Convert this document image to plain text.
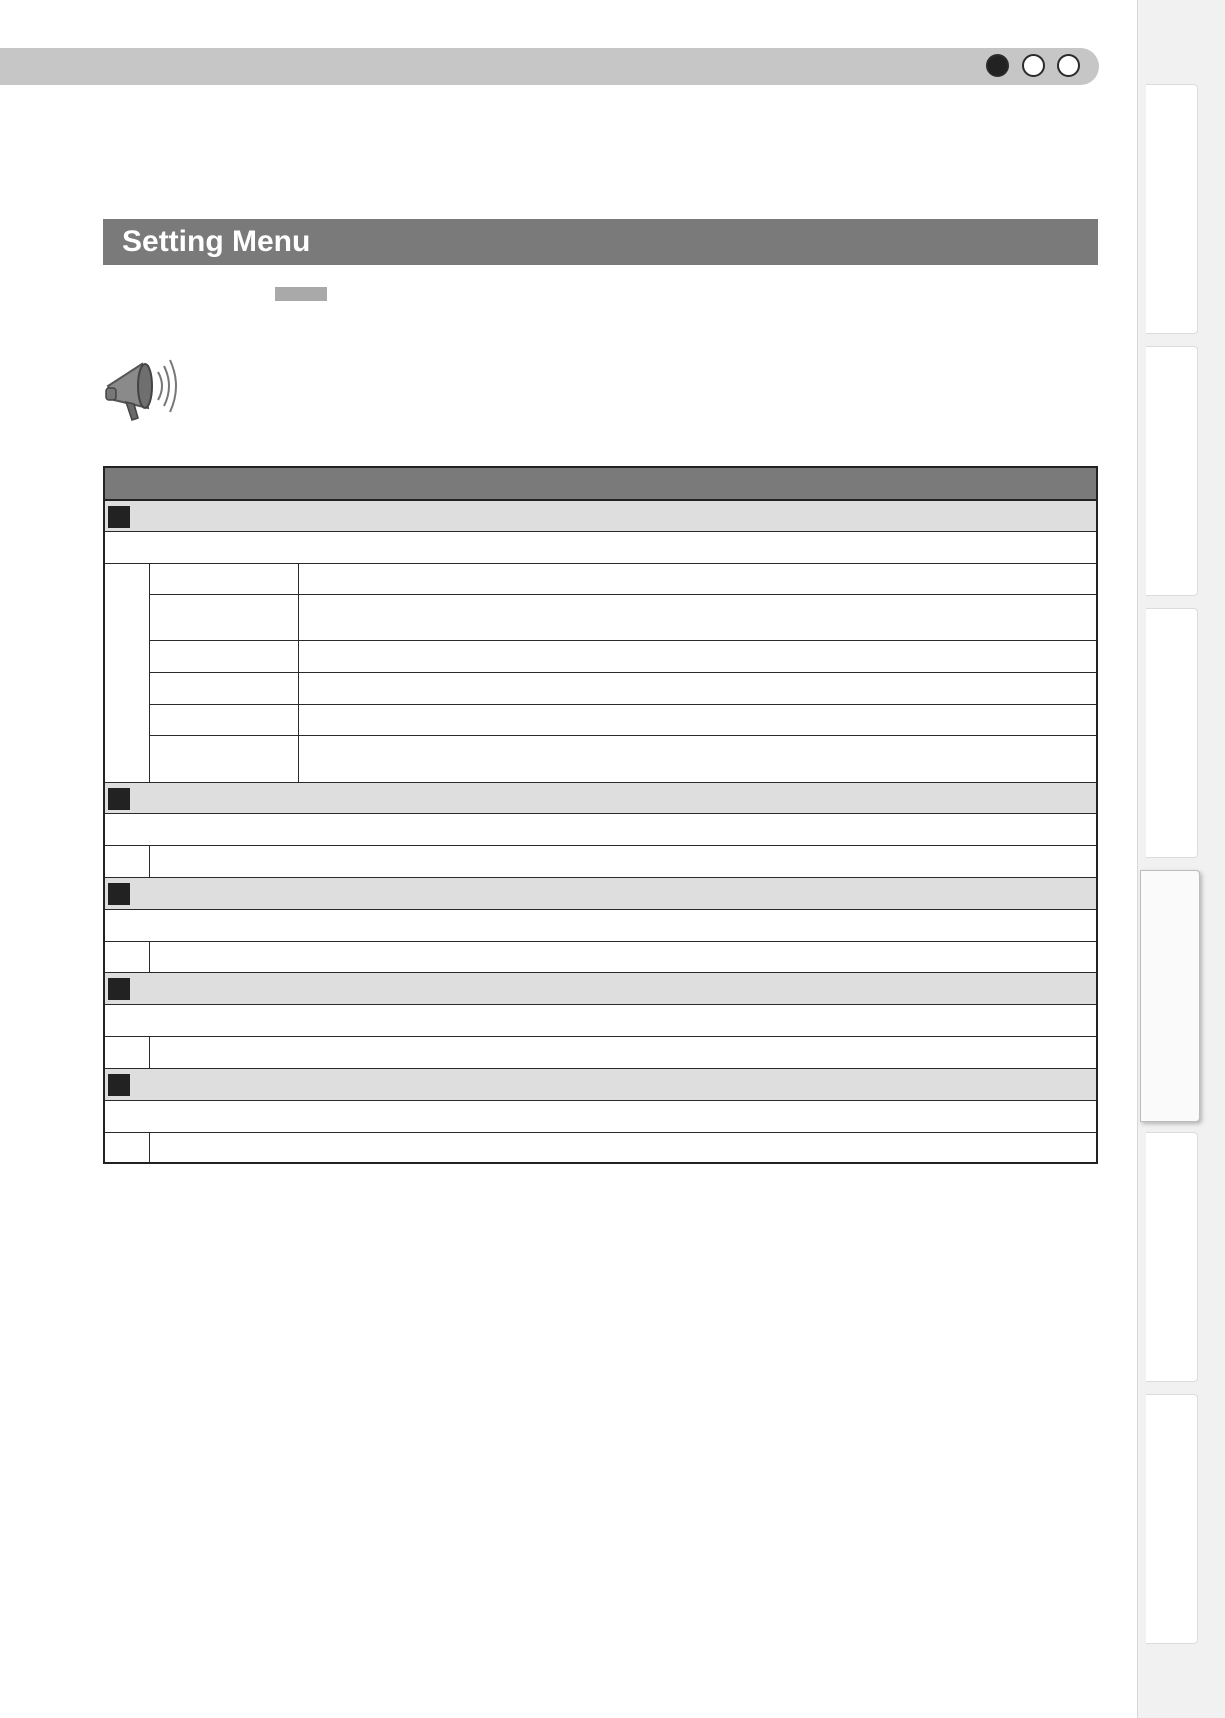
Setting Menu
